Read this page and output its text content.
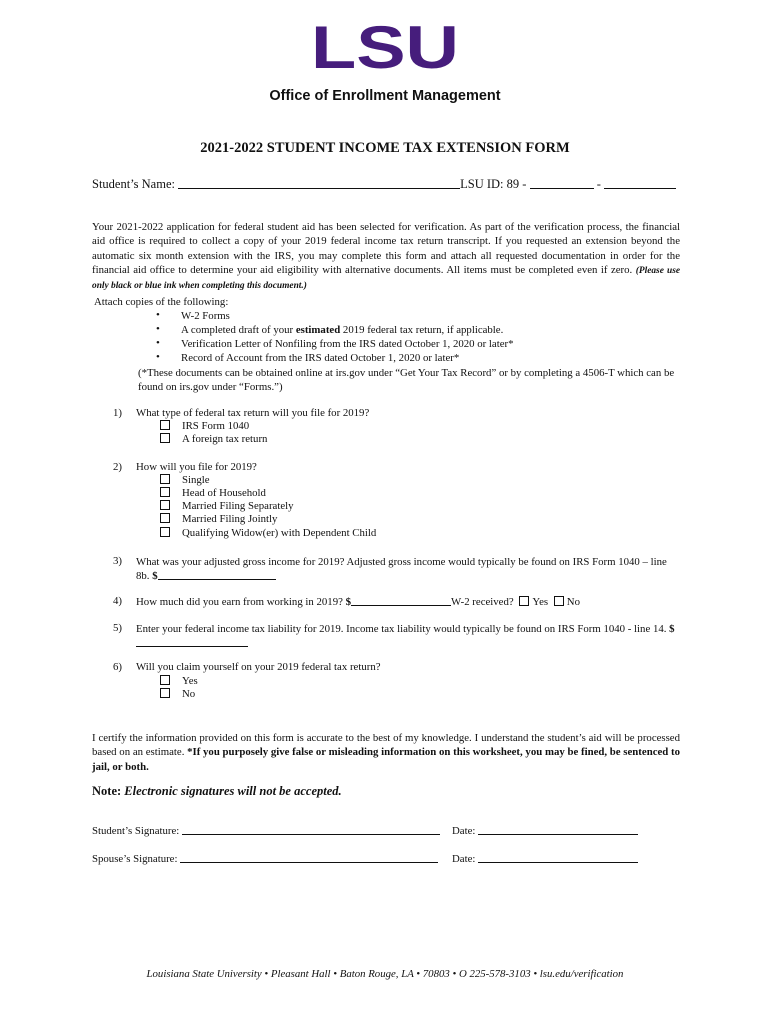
LSU
Office of Enrollment Management
2021-2022 STUDENT INCOME TAX EXTENSION FORM
Student’s Name:	LSU ID: 89 -	-
Your 2021-2022 application for federal student aid has been selected for verification. As part of the verification process, the financial aid office is required to collect a copy of your 2019 federal income tax return transcript. If you requested an extension beyond the automatic six month extension with the IRS, you may complete this form and attach all requested documentation in order for the financial aid office to determine your aid eligibility with alternative documents. All items must be completed even if zero. (Please use only black or blue ink when completing this document.)
Attach copies of the following:
• W-2 Forms
• A completed draft of your estimated 2019 federal tax return, if applicable.
• Verification Letter of Nonfiling from the IRS dated October 1, 2020 or later*
• Record of Account from the IRS dated October 1, 2020 or later*
(*These documents can be obtained online at irs.gov under “Get Your Tax Record” or by completing a 4506-T which can be found on irs.gov under “Forms.”)
1) What type of federal tax return will you file for 2019?
IRS Form 1040
A foreign tax return
2) How will you file for 2019?
Single
Head of Household
Married Filing Separately
Married Filing Jointly
Qualifying Widow(er) with Dependent Child
3) What was your adjusted gross income for 2019? Adjusted gross income would typically be found on IRS Form 1040 – line 8b. $
4) How much did you earn from working in 2019? $	W-2 received? Yes No
5) Enter your federal income tax liability for 2019. Income tax liability would typically be found on IRS Form 1040 - line 14. $
6) Will you claim yourself on your 2019 federal tax return?
Yes
No
I certify the information provided on this form is accurate to the best of my knowledge. I understand the student’s aid will be processed based on an estimate. *If you purposely give false or misleading information on this worksheet, you may be fined, be sentenced to jail, or both.
Note: Electronic signatures will not be accepted.
Student’s Signature:	Date:
Spouse’s Signature:	Date:
Louisiana State University • Pleasant Hall • Baton Rouge, LA • 70803 • O 225-578-3103 • lsu.edu/verification
